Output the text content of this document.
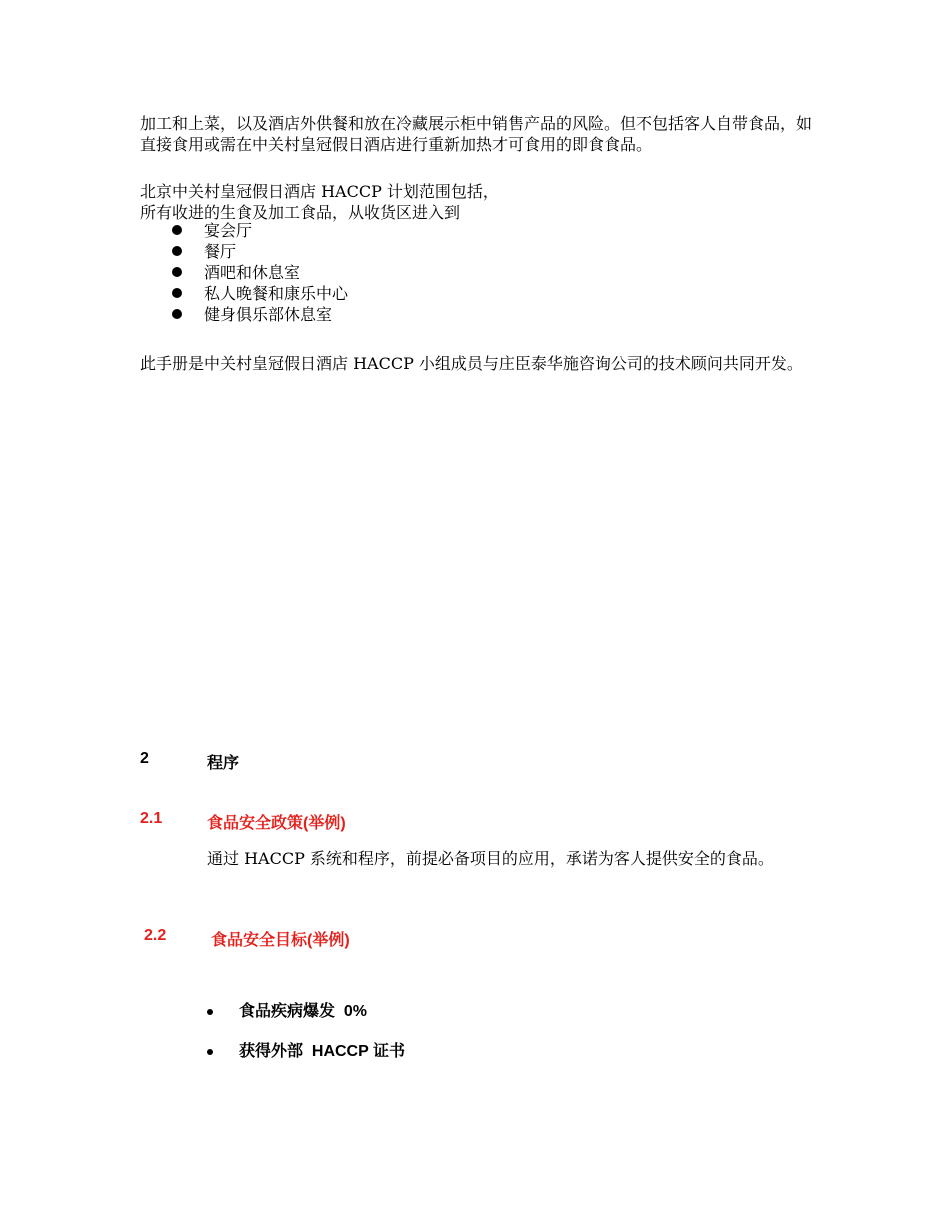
加工和上菜，以及酒店外供餐和放在冷藏展示柜中销售产品的风险。但不包括客人自带食品，如直接食用或需在中关村皇冠假日酒店进行重新加热才可食用的即食食品。

北京中关村皇冠假日酒店 HACCP 计划范围包括，

所有收进的生食及加工食品，从收货区进入到

宴会厅
餐厅
酒吧和休息室
私人晚餐和康乐中心
健身俱乐部休息室

此手册是中关村皇冠假日酒店 HACCP 小组成员与庄臣泰华施咨询公司的技术顾问共同开发。

2	程序
2.1	食品安全政策(举例)

通过 HACCP 系统和程序，前提必备项目的应用，承诺为客人提供安全的食品。

2.2	食品安全目标(举例)
食品疾病爆发  0%
获得外部  HACCP 证书
